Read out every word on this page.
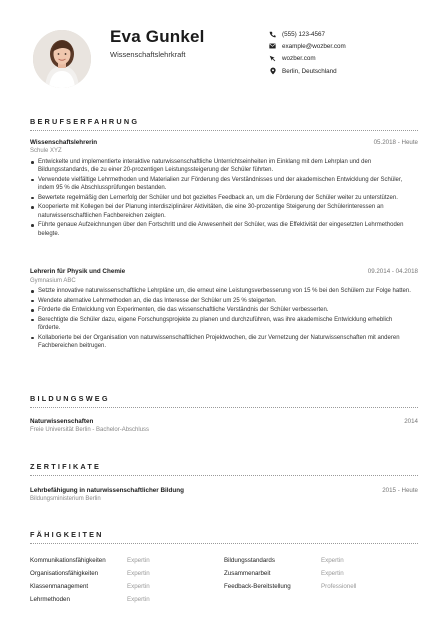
Eva Gunkel
Wissenschaftslehrkraft
(555) 123-4567
example@wozber.com
wozber.com
Berlin, Deutschland
BERUFSERFAHRUNG
Wissenschaftslehrerin	05.2018 - Heute
Schule XYZ
Entwickelte und implementierte interaktive naturwissenschaftliche Unterrichtseinheiten im Einklang mit dem Lehrplan und den Bildungsstandards, die zu einer 20-prozentigen Leistungssteigerung der Schüler führten.
Verwendete vielfältige Lehrmethoden und Materialien zur Förderung des Verständnisses und der akademischen Entwicklung der Schüler, indem 95 % die Abschlussprüfungen bestanden.
Bewertete regelmäßig den Lernerfolg der Schüler und bot gezieltes Feedback an, um die Förderung der Schüler weiter zu unterstützen.
Kooperierte mit Kollegen bei der Planung interdisziplinärer Aktivitäten, die eine 30-prozentige Steigerung der Schülerinteressen an naturwissenschaftlichen Fachbereichen zeigten.
Führte genaue Aufzeichnungen über den Fortschritt und die Anwesenheit der Schüler, was die Effektivität der eingesetzten Lehrmethoden belegte.
Lehrerin für Physik und Chemie	09.2014 - 04.2018
Gymnasium ABC
Setzte innovative naturwissenschaftliche Lehrpläne um, die erneut eine Leistungsverbesserung von 15 % bei den Schülern zur Folge hatten.
Wendete alternative Lehrmethoden an, die das Interesse der Schüler um 25 % steigerten.
Förderte die Entwicklung von Experimenten, die das wissenschaftliche Verständnis der Schüler verbesserten.
Berechtigte die Schüler dazu, eigene Forschungsprojekte zu planen und durchzuführen, was ihre akademische Entwicklung erheblich förderte.
Kollaborierte bei der Organisation von naturwissenschaftlichen Projektwochen, die zur Vernetzung der Naturwissenschaften mit anderen Fachbereichen beitrugen.
BILDUNGSWEG
Naturwissenschaften	2014
Freie Universität Berlin - Bachelor-Abschluss
ZERTIFIKATE
Lehrbefähigung in naturwissenschaftlicher Bildung	2015 - Heute
Bildungsministerium Berlin
FÄHIGKEITEN
Kommunikationsfähigkeiten	Expertin	Bildungsstandards	Expertin
Organisationsfähigkeiten	Expertin	Zusammenarbeit	Expertin
Klassenmanagement	Expertin	Feedback-Bereitstellung	Professionell
Lehrmethoden	Expertin
